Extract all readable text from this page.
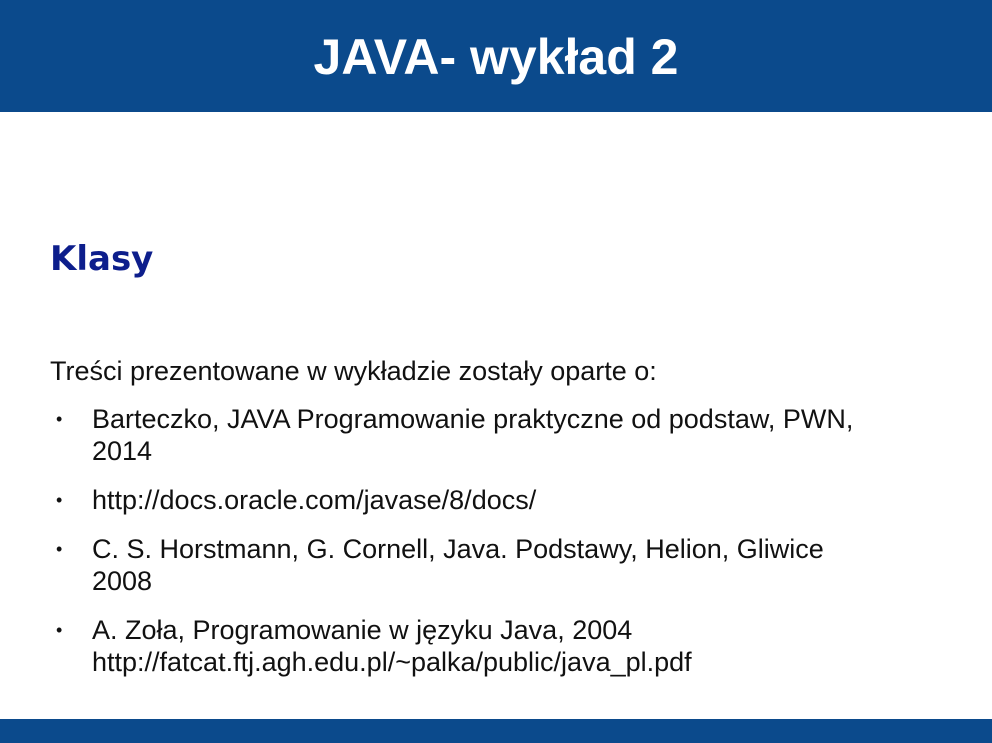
JAVA- wykład 2
Klasy

Treści prezentowane w wykładzie zostały oparte o:

• Barteczko, JAVA Programowanie praktyczne od podstaw, PWN,
2014
• http://docs.oracle.com/javase/8/docs/
• C. S. Horstmann, G. Cornell, Java. Podstawy, Helion, Gliwice
2008
• A. Zoła, Programowanie w języku Java, 2004
http://fatcat.ftj.agh.edu.pl/~palka/public/java_pl.pdf
